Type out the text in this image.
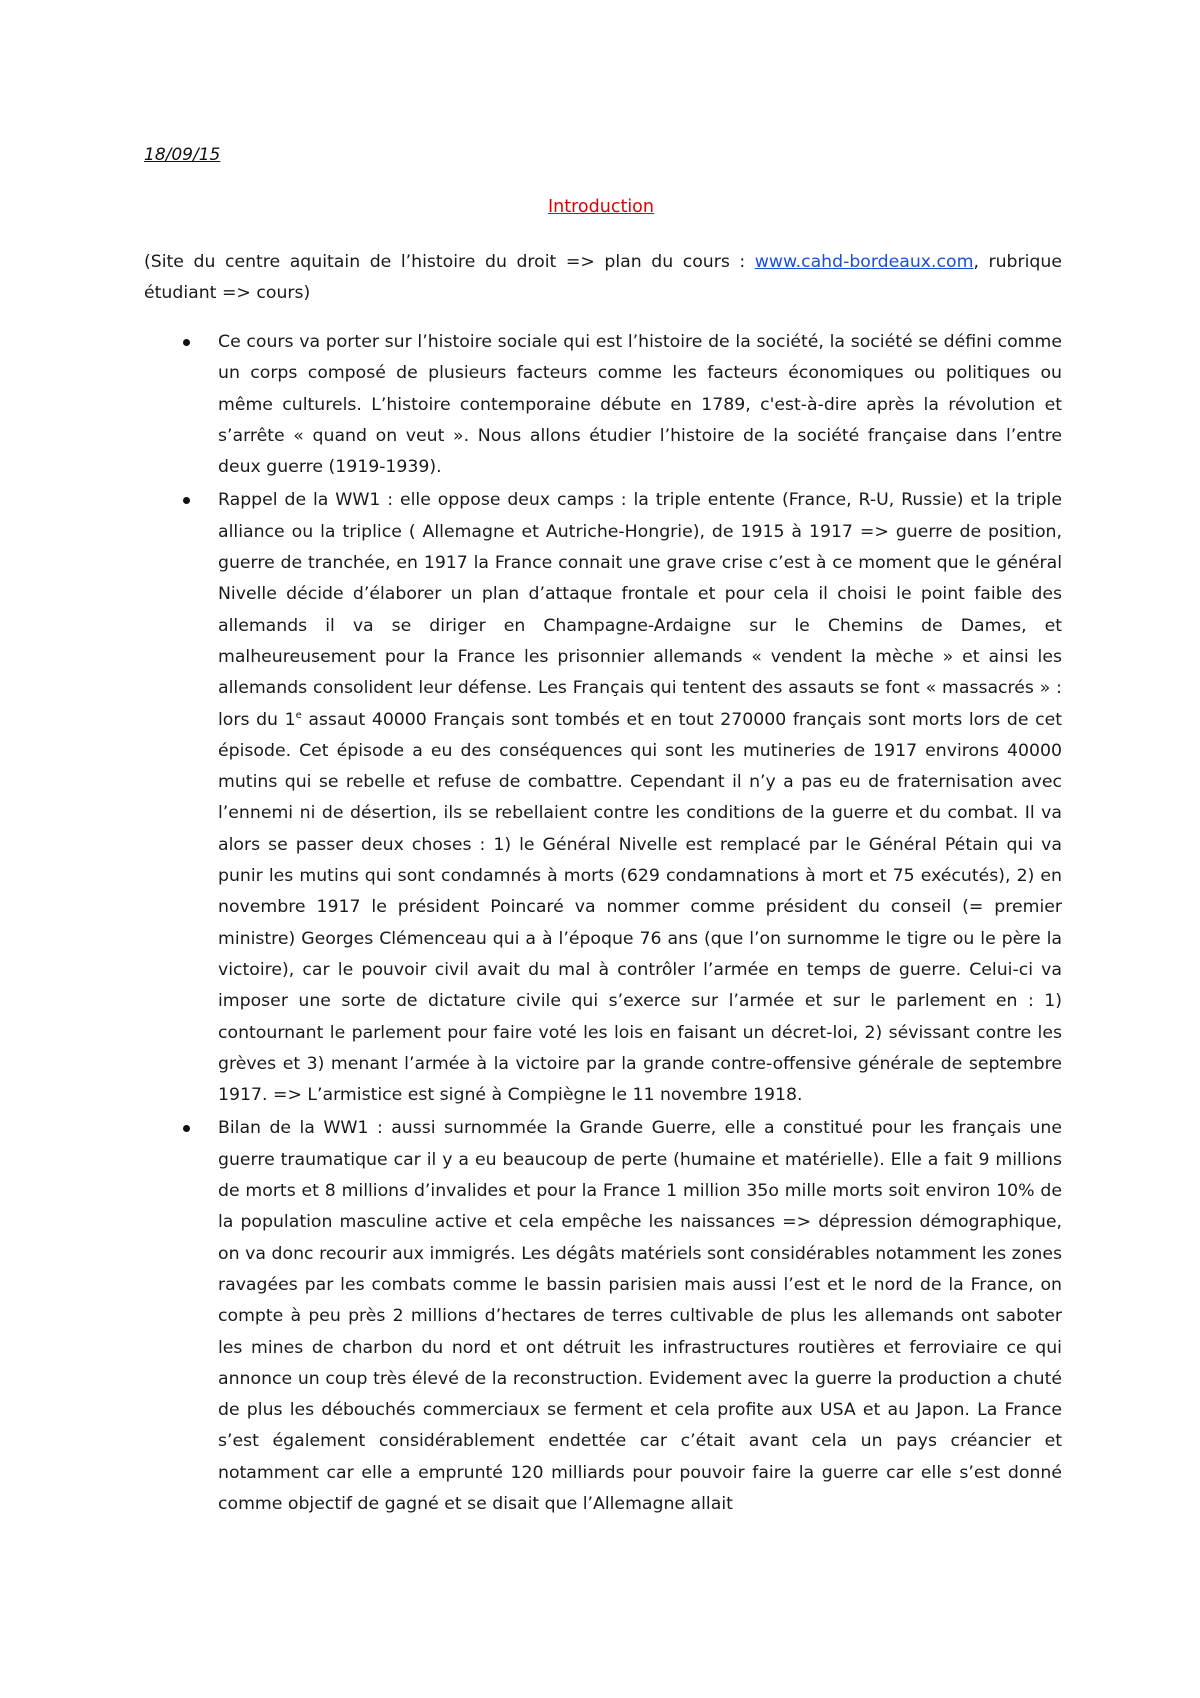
18/09/15
Introduction
(Site du centre aquitain de l’histoire du droit => plan du cours : www.cahd-bordeaux.com, rubrique étudiant => cours)
Ce cours va porter sur l’histoire sociale qui est l’histoire de la société, la société se défini comme un corps composé de plusieurs facteurs comme les facteurs économiques ou politiques ou même culturels. L’histoire contemporaine débute en 1789, c'est-à-dire après la révolution et s’arrête « quand on veut ». Nous allons étudier l’histoire de la société française dans l’entre deux guerre (1919-1939).
Rappel de la WW1 : elle oppose deux camps : la triple entente (France, R-U, Russie) et la triple alliance ou la triplice ( Allemagne et Autriche-Hongrie), de 1915 à 1917 => guerre de position, guerre de tranchée, en 1917 la France connait une grave crise c’est à ce moment que le général Nivelle décide d’élaborer un plan d’attaque frontale et pour cela il choisi le point faible des allemands il va se diriger en Champagne-Ardaigne sur le Chemins de Dames, et malheureusement pour la France les prisonnier allemands « vendent la mèche » et ainsi les allemands consolident leur défense. Les Français qui tentent des assauts se font « massacrés » : lors du 1e assaut 40000 Français sont tombés et en tout 270000 français sont morts lors de cet épisode. Cet épisode a eu des conséquences qui sont les mutineries de 1917 environs 40000 mutins qui se rebelle et refuse de combattre. Cependant il n’y a pas eu de fraternisation avec l’ennemi ni de désertion, ils se rebellaient contre les conditions de la guerre et du combat. Il va alors se passer deux choses : 1) le Général Nivelle est remplacé par le Général Pétain qui va punir les mutins qui sont condamnés à morts (629 condamnations à mort et 75 exécutés), 2) en novembre 1917 le président Poincaré va nommer comme président du conseil (= premier ministre) Georges Clémenceau qui a à l’époque 76 ans (que l’on surnomme le tigre ou le père la victoire), car le pouvoir civil avait du mal à contrôler l’armée en temps de guerre. Celui-ci va imposer une sorte de dictature civile qui s’exerce sur l’armée et sur le parlement en : 1) contournant le parlement pour faire voté les lois en faisant un décret-loi, 2) sévissant contre les grèves et 3) menant l’armée à la victoire par la grande contre-offensive générale de septembre 1917. => L’armistice est signé à Compiègne le 11 novembre 1918.
Bilan de la WW1 : aussi surnommée la Grande Guerre, elle a constitué pour les français une guerre traumatique car il y a eu beaucoup de perte (humaine et matérielle). Elle a fait 9 millions de morts et 8 millions d’invalides et pour la France 1 million 35o mille morts soit environ 10% de la population masculine active et cela empêche les naissances => dépression démographique, on va donc recourir aux immigrés. Les dégâts matériels sont considérables notamment les zones ravagées par les combats comme le bassin parisien mais aussi l’est et le nord de la France, on compte à peu près 2 millions d’hectares de terres cultivable de plus les allemands ont saboter les mines de charbon du nord et ont détruit les infrastructures routières et ferroviaire ce qui annonce un coup très élevé de la reconstruction. Evidement avec la guerre la production a chuté de plus les débouchés commerciaux se ferment et cela profite aux USA et au Japon. La France s’est également considérablement endettée car c’était avant cela un pays créancier et notamment car elle a emprunté 120 milliards pour pouvoir faire la guerre car elle s’est donné comme objectif de gagné et se disait que l’Allemagne allait
